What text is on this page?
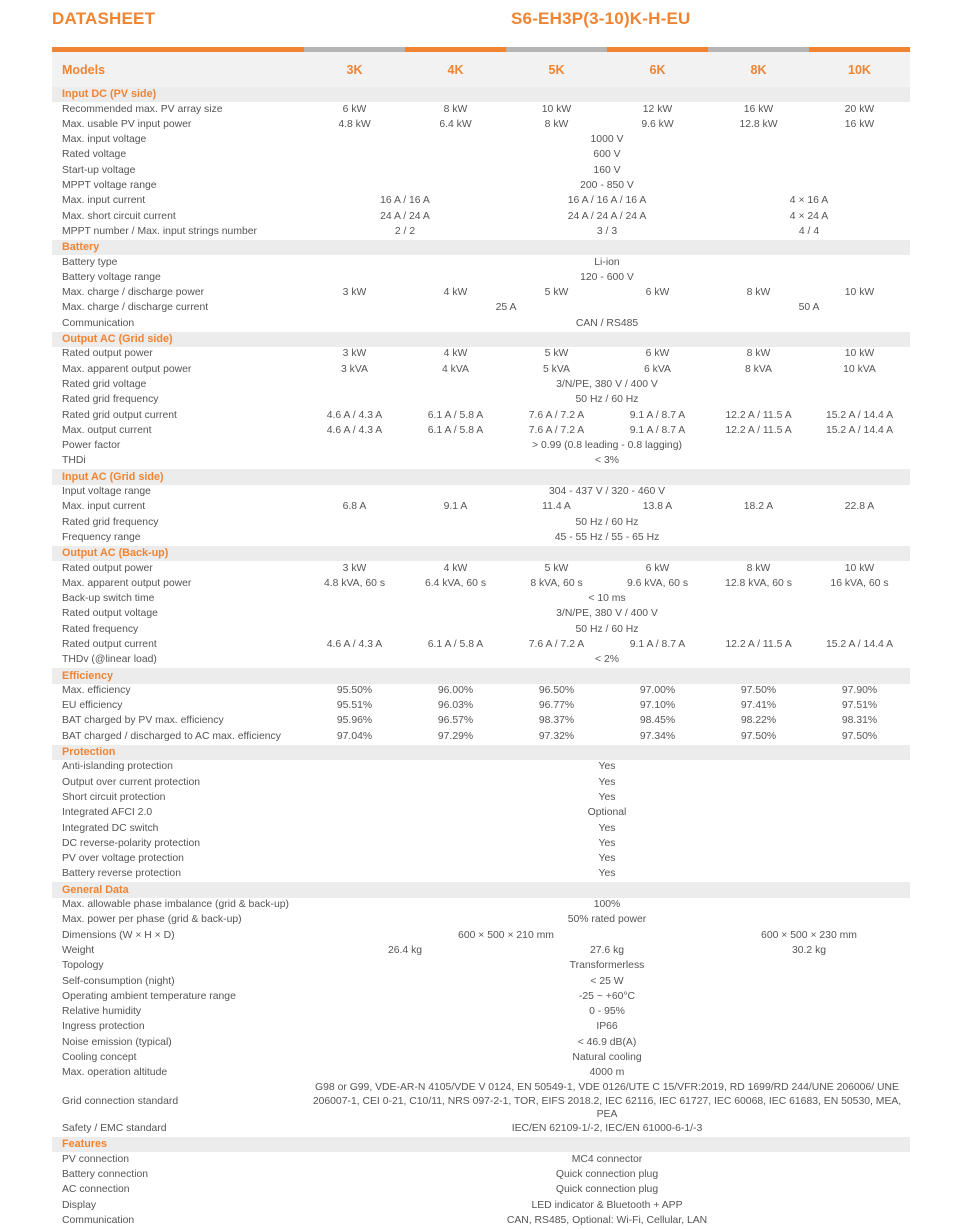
DATASHEET	S6-EH3P(3-10)K-H-EU

Models	3K	4K	5K	6K	8K	10K
Input DC (PV side)						
Recommended max. PV array size	6 kW	8 kW	10 kW	12 kW	16 kW	20 kW
Max. usable PV input power	4.8 kW	6.4 kW	8 kW	9.6 kW	12.8 kW	16 kW
Max. input voltage	1000 V					
Rated voltage	600 V					
Start-up voltage	160 V					
MPPT voltage range	200 - 850 V					
Max. input current	16 A / 16 A		16 A / 16 A / 16 A		4 × 16 A	
Max. short circuit current	24 A / 24 A		24 A / 24 A / 24 A		4 × 24 A	
MPPT number / Max. input strings number	2 / 2		3 / 3		4 / 4	
Battery						
Battery type	Li-ion					
Battery voltage range	120 - 600 V					
Max. charge / discharge power	3 kW	4 kW	5 kW	6 kW	8 kW	10 kW
Max. charge / discharge current	25 A				50 A	
Communication	CAN / RS485					
Output AC (Grid side)						
Rated output power	3 kW	4 kW	5 kW	6 kW	8 kW	10 kW
Max. apparent output power	3 kVA	4 kVA	5 kVA	6 kVA	8 kVA	10 kVA
Rated grid voltage	3/N/PE, 380 V / 400 V					
Rated grid frequency	50 Hz / 60 Hz					
Rated grid output current	4.6 A / 4.3 A	6.1 A / 5.8 A	7.6 A / 7.2 A	9.1 A / 8.7 A	12.2 A / 11.5 A	15.2 A / 14.4 A
Max. output current	4.6 A / 4.3 A	6.1 A / 5.8 A	7.6 A / 7.2 A	9.1 A / 8.7 A	12.2 A / 11.5 A	15.2 A / 14.4 A
Power factor	> 0.99 (0.8 leading - 0.8 lagging)					
THDi	< 3%					
Input AC (Grid side)						
Input voltage range	304 - 437 V / 320 - 460 V					
Max. input current	6.8 A	9.1 A	11.4 A	13.8 A	18.2 A	22.8 A
Rated grid frequency	50 Hz / 60 Hz					
Frequency range	45 - 55 Hz / 55 - 65 Hz					
Output AC (Back-up)						
Rated output power	3 kW	4 kW	5 kW	6 kW	8 kW	10 kW
Max. apparent output power	4.8 kVA, 60 s	6.4 kVA, 60 s	8 kVA, 60 s	9.6 kVA, 60 s	12.8 kVA, 60 s	16 kVA, 60 s
Back-up switch time	< 10 ms					
Rated output voltage	3/N/PE, 380 V / 400 V					
Rated frequency	50 Hz / 60 Hz					
Rated output current	4.6 A / 4.3 A	6.1 A / 5.8 A	7.6 A / 7.2 A	9.1 A / 8.7 A	12.2 A / 11.5 A	15.2 A / 14.4 A
THDv (@linear load)	< 2%					
Efficiency						
Max. efficiency	95.50%	96.00%	96.50%	97.00%	97.50%	97.90%
EU efficiency	95.51%	96.03%	96.77%	97.10%	97.41%	97.51%
BAT charged by PV max. efficiency	95.96%	96.57%	98.37%	98.45%	98.22%	98.31%
BAT charged / discharged to AC max. efficiency	97.04%	97.29%	97.32%	97.34%	97.50%	97.50%
Protection						
Anti-islanding protection	Yes					
Output over current protection	Yes					
Short circuit protection	Yes					
Integrated AFCI 2.0	Optional					
Integrated DC switch	Yes					
DC reverse-polarity protection	Yes					
PV over voltage protection	Yes					
Battery reverse protection	Yes					
General Data						
Max. allowable phase imbalance (grid & back-up)	100%					
Max. power per phase (grid & back-up)	50% rated power					
Dimensions (W × H × D)	600 × 500 × 210 mm				600 × 500 × 230 mm	
Weight	26.4 kg		27.6 kg		30.2 kg	
Topology	Transformerless					
Self-consumption (night)	< 25 W					
Operating ambient temperature range	-25 ~ +60°C					
Relative humidity	0 - 95%					
Ingress protection	IP66					
Noise emission (typical)	< 46.9 dB(A)					
Cooling concept	Natural cooling					
Max. operation altitude	4000 m					
Grid connection standard	G98 or G99, VDE-AR-N 4105/VDE V 0124, EN 50549-1, VDE 0126/UTE C 15/VFR:2019, RD 1699/RD 244/UNE 206006/ UNE 206007-1, CEI 0-21, C10/11, NRS 097-2-1, TOR, EIFS 2018.2, IEC 62116, IEC 61727, IEC 60068, IEC 61683, EN 50530, MEA, PEA					
Safety / EMC standard	IEC/EN 62109-1/-2, IEC/EN 61000-6-1/-3					
Features						
PV connection	MC4 connector					
Battery connection	Quick connection plug					
AC connection	Quick connection plug					
Display	LED indicator & Bluetooth + APP					
Communication	CAN, RS485, Optional: Wi-Fi, Cellular, LAN					
